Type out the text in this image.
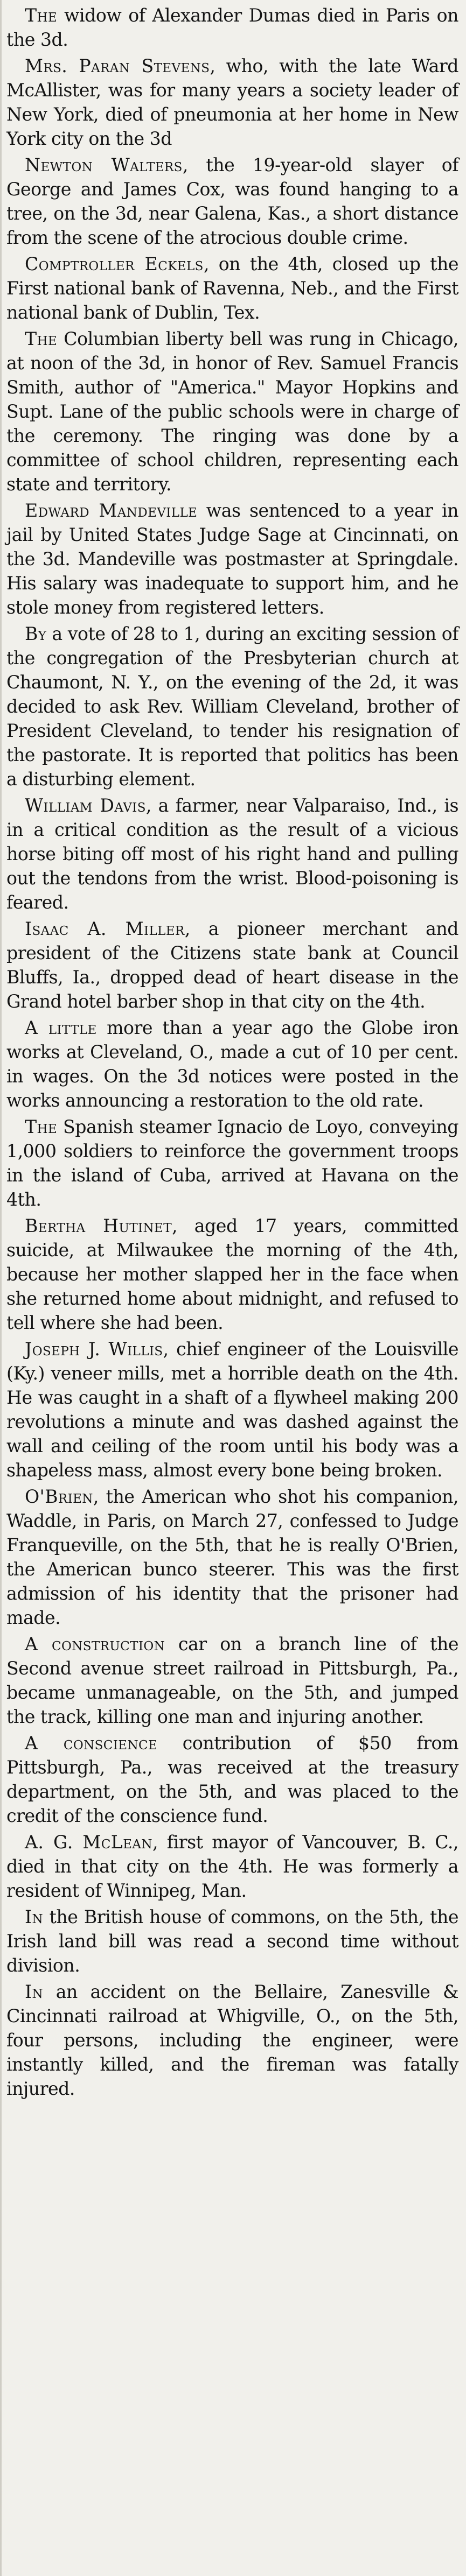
The widow of Alexander Dumas died in Paris on the 3d.

Mrs. Paran Stevens, who, with the late Ward McAllister, was for many years a society leader of New York, died of pneumonia at her home in New York city on the 3d

Newton Walters, the 19-year-old slayer of George and James Cox, was found hanging to a tree, on the 3d, near Galena, Kas., a short distance from the scene of the atrocious double crime.

Comptroller Eckels, on the 4th, closed up the First national bank of Ravenna, Neb., and the First national bank of Dublin, Tex.

The Columbian liberty bell was rung in Chicago, at noon of the 3d, in honor of Rev. Samuel Francis Smith, author of "America." Mayor Hopkins and Supt. Lane of the public schools were in charge of the ceremony. The ringing was done by a committee of school children, representing each state and territory.

Edward Mandeville was sentenced to a year in jail by United States Judge Sage at Cincinnati, on the 3d. Mandeville was postmaster at Springdale. His salary was inadequate to support him, and he stole money from registered letters.

By a vote of 28 to 1, during an exciting session of the congregation of the Presbyterian church at Chaumont, N. Y., on the evening of the 2d, it was decided to ask Rev. William Cleveland, brother of President Cleveland, to tender his resignation of the pastorate. It is reported that politics has been a disturbing element.

William Davis, a farmer, near Valparaiso, Ind., is in a critical condition as the result of a vicious horse biting off most of his right hand and pulling out the tendons from the wrist. Blood-poisoning is feared.

Isaac A. Miller, a pioneer merchant and president of the Citizens state bank at Council Bluffs, Ia., dropped dead of heart disease in the Grand hotel barber shop in that city on the 4th.

A little more than a year ago the Globe iron works at Cleveland, O., made a cut of 10 per cent. in wages. On the 3d notices were posted in the works announcing a restoration to the old rate.

The Spanish steamer Ignacio de Loyo, conveying 1,000 soldiers to reinforce the government troops in the island of Cuba, arrived at Havana on the 4th.

Bertha Hutinet, aged 17 years, committed suicide, at Milwaukee the morning of the 4th, because her mother slapped her in the face when she returned home about midnight, and refused to tell where she had been.

Joseph J. Willis, chief engineer of the Louisville (Ky.) veneer mills, met a horrible death on the 4th. He was caught in a shaft of a flywheel making 200 revolutions a minute and was dashed against the wall and ceiling of the room until his body was a shapeless mass, almost every bone being broken.

O'Brien, the American who shot his companion, Waddle, in Paris, on March 27, confessed to Judge Franqueville, on the 5th, that he is really O'Brien, the American bunco steerer. This was the first admission of his identity that the prisoner had made.

A construction car on a branch line of the Second avenue street railroad in Pittsburgh, Pa., became unmanageable, on the 5th, and jumped the track, killing one man and injuring another.

A conscience contribution of $50 from Pittsburgh, Pa., was received at the treasury department, on the 5th, and was placed to the credit of the conscience fund.

A. G. McLean, first mayor of Vancouver, B. C., died in that city on the 4th. He was formerly a resident of Winnipeg, Man.

In the British house of commons, on the 5th, the Irish land bill was read a second time without division.

In an accident on the Bellaire, Zanesville & Cincinnati railroad at Whigville, O., on the 5th, four persons, including the engineer, were instantly killed, and the fireman was fatally injured.
